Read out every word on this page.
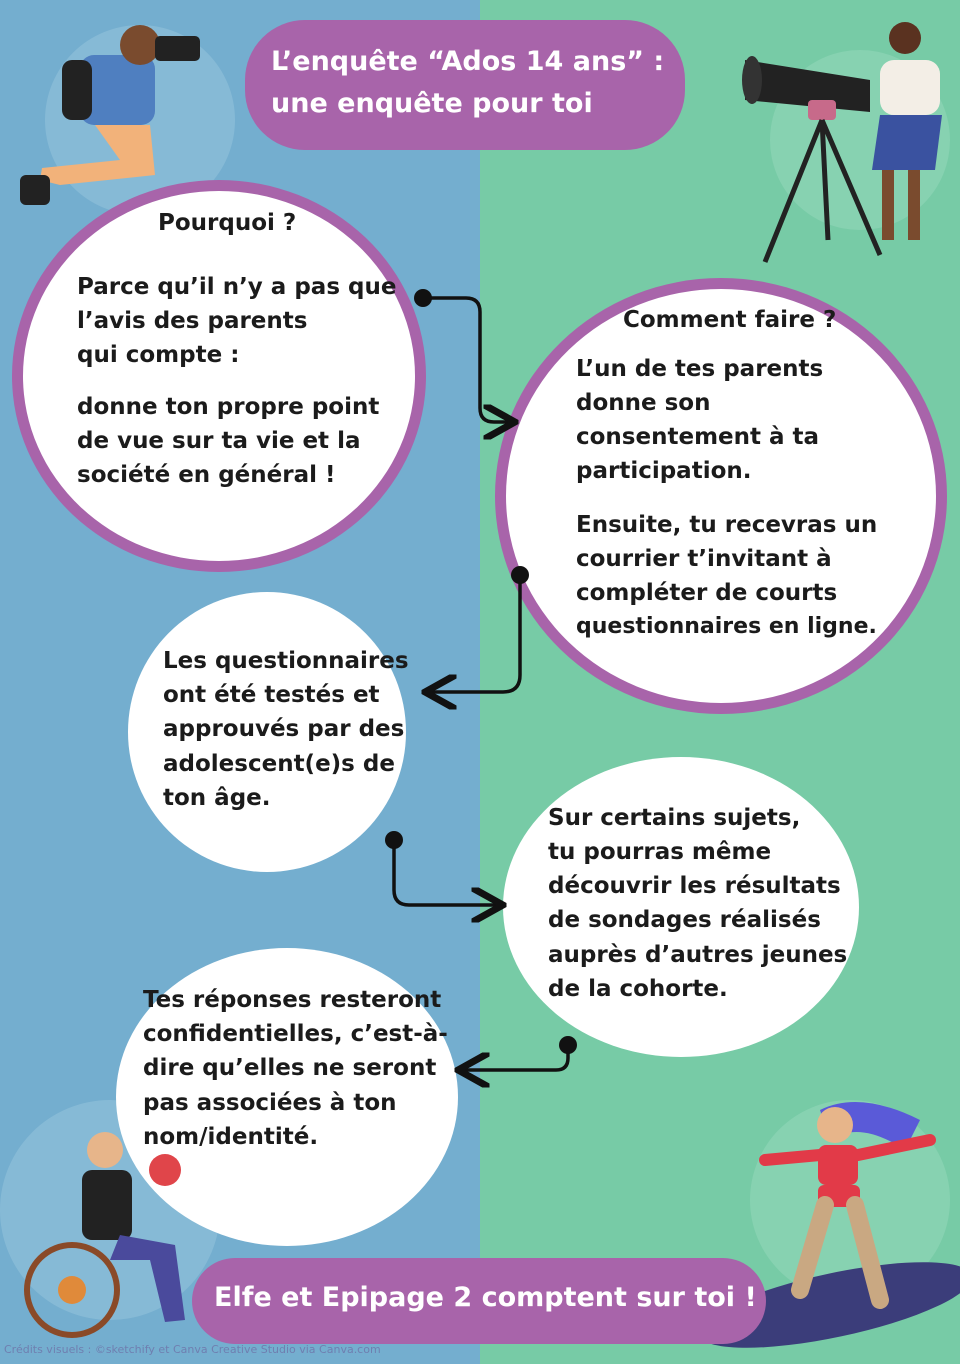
L’enquête “Ados 14 ans” :
une enquête pour toi
Pourquoi ?
Parce qu’il n’y a pas que
l’avis des parents
qui compte :
donne ton propre point
de vue sur ta vie et la
société en général !
Comment faire ?
L’un de tes parents
donne son
consentement à ta
participation.
Ensuite, tu recevras un
courrier t’invitant à
compléter de courts
questionnaires en ligne.
Les questionnaires
ont été testés et
approuvés par des
adolescent(e)s de
ton âge.
Sur certains sujets,
tu pourras même
découvrir les résultats
de sondages réalisés
auprès d’autres jeunes
de la cohorte.
Tes réponses resteront
confidentielles, c’est-à-
dire qu’elles ne seront
pas associées à ton
nom/identité.
Elfe et Epipage 2 comptent sur toi !
Crédits visuels : ©sketchify et Canva Creative Studio via Canva.com
